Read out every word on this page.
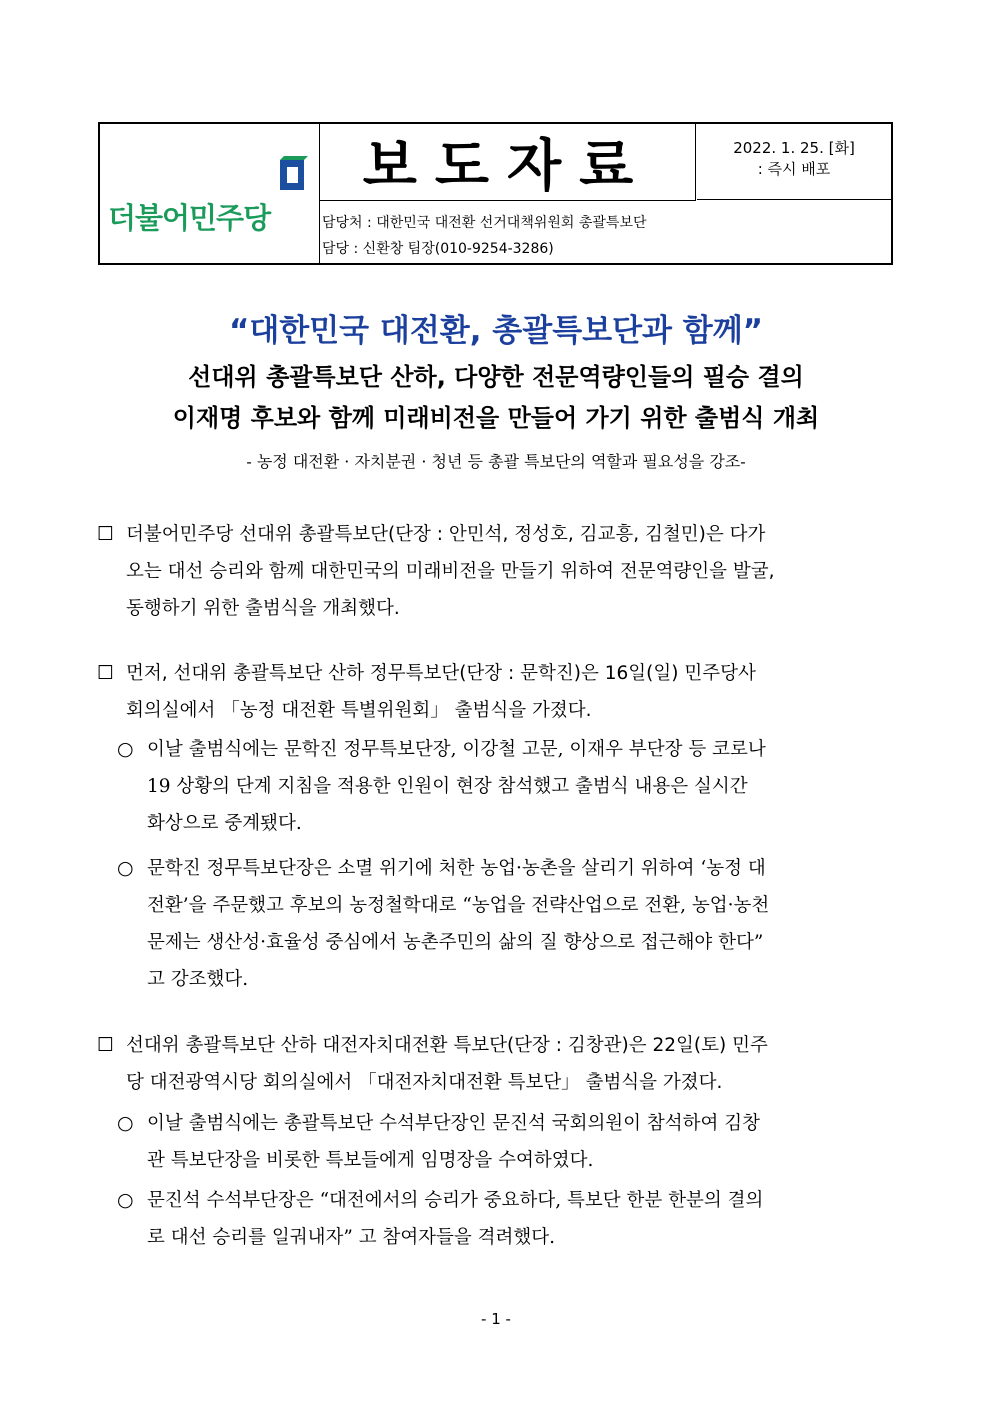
더불어민주당
보도자료	2022. 1. 25. [화]
: 즉시 배포
담당처 : 대한민국 대전환 선거대책위원회 총괄특보단
담당 : 신환창 팀장(010-9254-3286)
“대한민국 대전환, 총괄특보단과 함께”
선대위 총괄특보단 산하, 다양한 전문역량인들의 필승 결의
이재명 후보와 함께 미래비전을 만들어 가기 위한 출범식 개최
- 농정 대전환 · 자치분권 · 청년 등 총괄 특보단의 역할과 필요성을 강조-
☐ 더불어민주당 선대위 총괄특보단(단장 : 안민석, 정성호, 김교흥, 김철민)은 다가
오는 대선 승리와 함께 대한민국의 미래비전을 만들기 위하여 전문역량인을 발굴,
동행하기 위한 출범식을 개최했다.
☐ 먼저, 선대위 총괄특보단 산하 정무특보단(단장 : 문학진)은 16일(일) 민주당사
회의실에서 「농정 대전환 특별위원회」 출범식을 가졌다.
○ 이날 출범식에는 문학진 정무특보단장, 이강철 고문, 이재우 부단장 등 코로나
19 상황의 단계 지침을 적용한 인원이 현장 참석했고 출범식 내용은 실시간
화상으로 중계됐다.
○ 문학진 정무특보단장은 소멸 위기에 처한 농업·농촌을 살리기 위하여 ‘농정 대
전환’을 주문했고 후보의 농정철학대로 “농업을 전략산업으로 전환, 농업·농천
문제는 생산성·효율성 중심에서 농촌주민의 삶의 질 향상으로 접근해야 한다”
고 강조했다.
☐ 선대위 총괄특보단 산하 대전자치대전환 특보단(단장 : 김창관)은 22일(토) 민주
당 대전광역시당 회의실에서 「대전자치대전환 특보단」 출범식을 가졌다.
○ 이날 출범식에는 총괄특보단 수석부단장인 문진석 국회의원이 참석하여 김창
관 특보단장을 비롯한 특보들에게 임명장을 수여하였다.
○ 문진석 수석부단장은 “대전에서의 승리가 중요하다, 특보단 한분 한분의 결의
로 대선 승리를 일궈내자” 고 참여자들을 격려했다.
- 1 -
